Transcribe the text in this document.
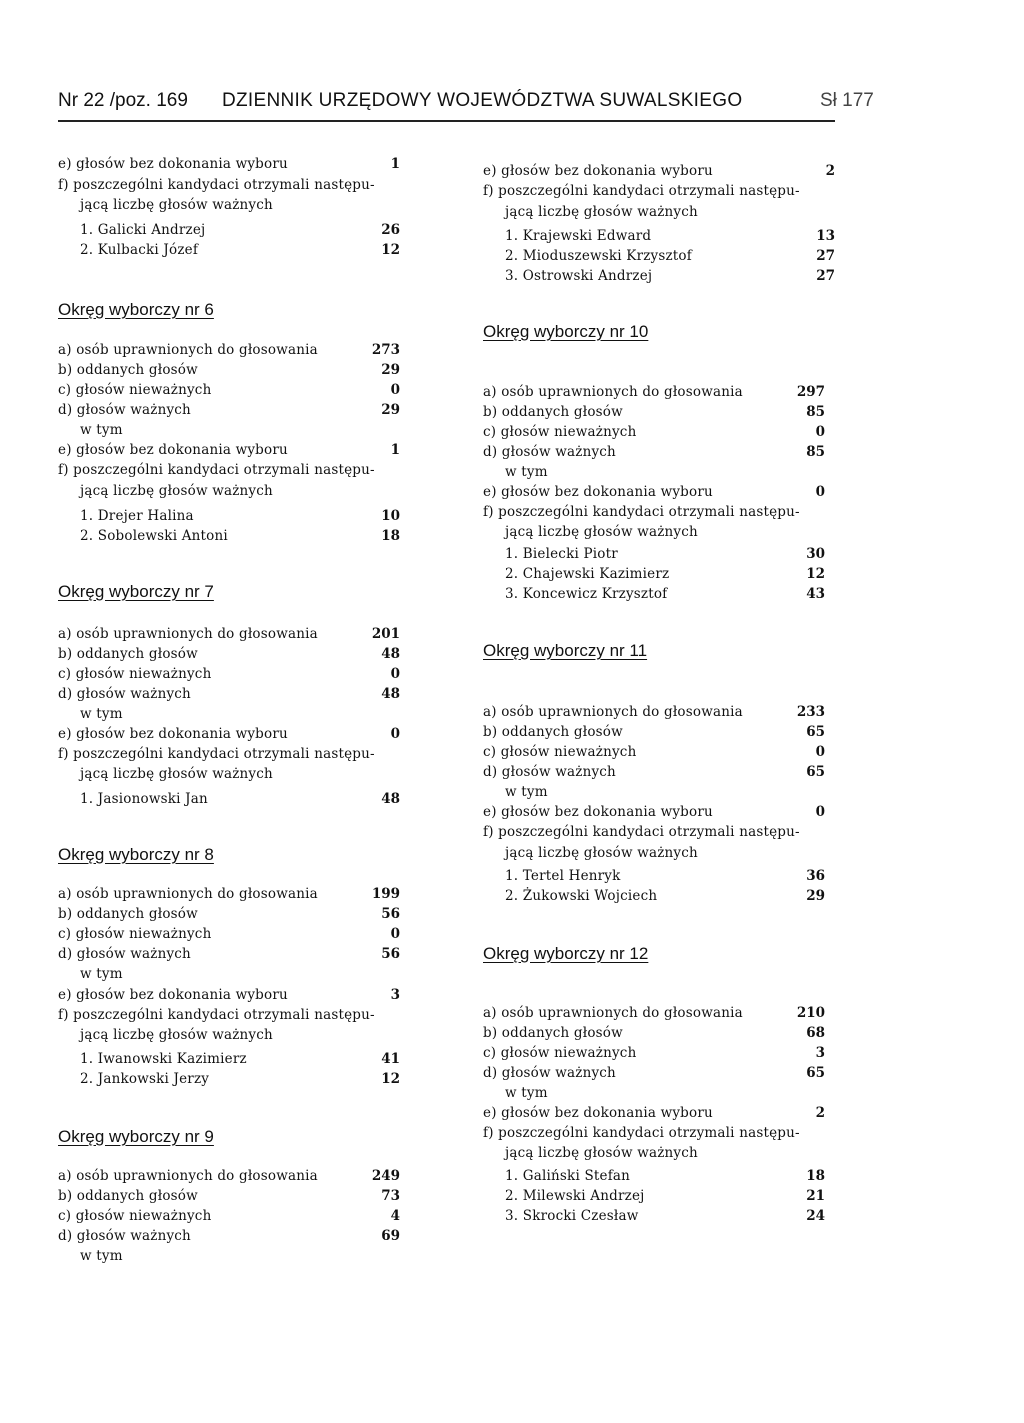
Nr 22 /poz. 169 DZIENNIK URZĘDOWY WOJEWÓDZTWA SUWALSKIEGO	Sł 177
e) głosów bez dokonania wyboru	1
f) poszczególni kandydaci otrzymali następu-
jącą liczbę głosów ważnych
1. Galicki Andrzej	26
2. Kulbacki Józef	12
Okręg wyborczy nr 6
a) osób uprawnionych do głosowania	273
b) oddanych głosów	29
c) głosów nieważnych	0
d) głosów ważnych	29
w tym
e) głosów bez dokonania wyboru	1
f) poszczególni kandydaci otrzymali następu-
jącą liczbę głosów ważnych
1. Drejer Halina	10
2. Sobolewski Antoni	18
Okręg wyborczy nr 7
a) osób uprawnionych do głosowania	201
b) oddanych głosów	48
c) głosów nieważnych	0
d) głosów ważnych	48
w tym
e) głosów bez dokonania wyboru	0
f) poszczególni kandydaci otrzymali następu-
jącą liczbę głosów ważnych
1. Jasionowski Jan	48
Okręg wyborczy nr 8
a) osób uprawnionych do głosowania	199
b) oddanych głosów	56
c) głosów nieważnych	0
d) głosów ważnych	56
w tym
e) głosów bez dokonania wyboru	3
f) poszczególni kandydaci otrzymali następu-
jącą liczbę głosów ważnych
1. Iwanowski Kazimierz	41
2. Jankowski Jerzy	12
Okręg wyborczy nr 9
a) osób uprawnionych do głosowania	249
b) oddanych głosów	73
c) głosów nieważnych	4
d) głosów ważnych	69
w tym
e) głosów bez dokonania wyboru	2
f) poszczególni kandydaci otrzymali następu-
jącą liczbę głosów ważnych
1. Krajewski Edward	13
2. Mioduszewski Krzysztof	27
3. Ostrowski Andrzej	27
Okręg wyborczy nr 10
a) osób uprawnionych do głosowania	297
b) oddanych głosów	85
c) głosów nieważnych	0
d) głosów ważnych	85
w tym
e) głosów bez dokonania wyboru	0
f) poszczególni kandydaci otrzymali następu-
jącą liczbę głosów ważnych
1. Bielecki Piotr	30
2. Chajewski Kazimierz	12
3. Koncewicz Krzysztof	43
Okręg wyborczy nr 11
a) osób uprawnionych do głosowania	233
b) oddanych głosów	65
c) głosów nieważnych	0
d) głosów ważnych	65
w tym
e) głosów bez dokonania wyboru	0
f) poszczególni kandydaci otrzymali następu-
jącą liczbę głosów ważnych
1. Tertel Henryk	36
2. Żukowski Wojciech	29
Okręg wyborczy nr 12
a) osób uprawnionych do głosowania	210
b) oddanych głosów	68
c) głosów nieważnych	3
d) głosów ważnych	65
w tym
e) głosów bez dokonania wyboru	2
f) poszczególni kandydaci otrzymali następu-
jącą liczbę głosów ważnych
1. Galiński Stefan	18
2. Milewski Andrzej	21
3. Skrocki Czesław	24
